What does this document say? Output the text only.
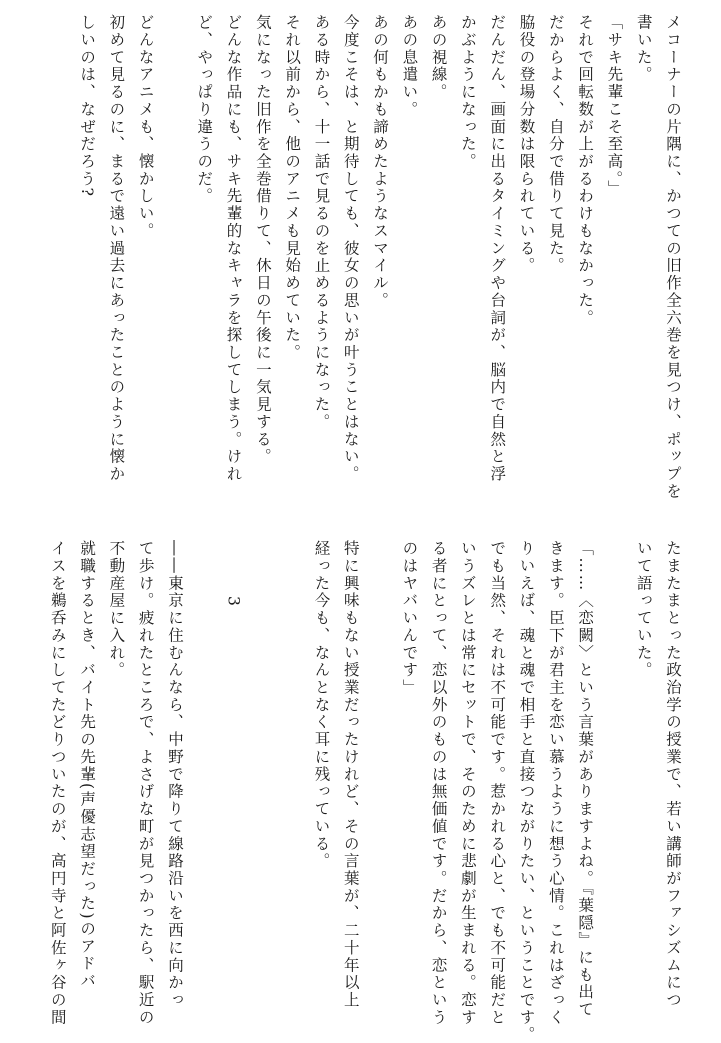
メコーナーの片隅に、かつての旧作全六巻を見つけ、ポップを
書いた。
「サキ先輩こそ至高。」
それで回転数が上がるわけもなかった。
だからよく、自分で借りて見た。
脇役の登場分数は限られている。
だんだん、画面に出るタイミングや台詞が、脳内で自然と浮
かぶようになった。
あの視線。
あの息遣い。
あの何もかも諦めたようなスマイル。
今度こそは、と期待しても、彼女の思いが叶うことはない。
ある時から、十一話で見るのを止めるようになった。
それ以前から、他のアニメも見始めていた。
気になった旧作を全巻借りて、休日の午後に一気見する。
どんな作品にも、サキ先輩的なキャラを探してしまう。けれ
ど、やっぱり違うのだ。
どんなアニメも、懐かしい。
初めて見るのに、まるで遠い過去にあったことのように懐か
しいのは、なぜだろう?
たまたまとった政治学の授業で、若い講師がファシズムにつ
いて語っていた。
「……〈恋闕〉という言葉がありますよね。『葉隠』にも出て
きます。臣下が君主を恋い慕うように想う心情。これはざっく
りいえば、魂と魂で相手と直接つながりたい、ということです。
でも当然、それは不可能です。惹かれる心と、でも不可能だと
いうズレとは常にセットで、そのために悲劇が生まれる。恋す
る者にとって、恋以外のものは無価値です。だから、恋という
のはヤバいんです」
特に興味もない授業だったけれど、その言葉が、二十年以上
経った今も、なんとなく耳に残っている。
3
――東京に住むんなら、中野で降りて線路沿いを西に向かっ
て歩け。疲れたところで、よさげな町が見つかったら、駅近の
不動産屋に入れ。
就職するとき、バイト先の先輩(声優志望だった)のアドバ
イスを鵜呑みにしてたどりついたのが、高円寺と阿佐ヶ谷の間
